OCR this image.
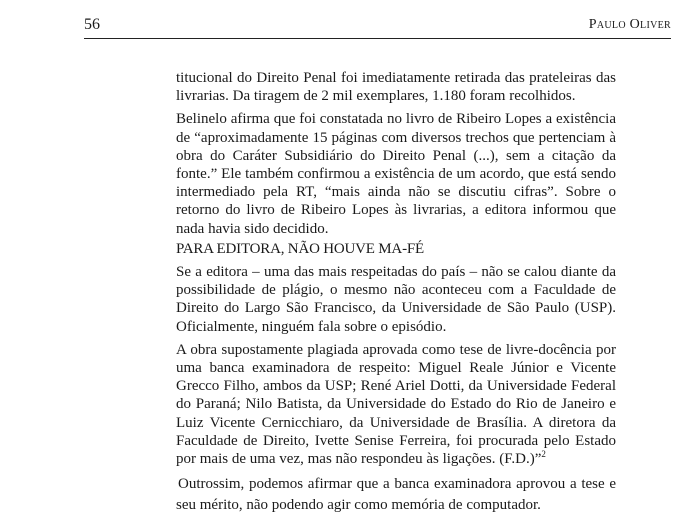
56	Paulo Oliver

titucional do Direito Penal foi imediatamente retirada das prateleiras das livrarias. Da tiragem de 2 mil exemplares, 1.180 foram recolhidos.

Belinelo afirma que foi constatada no livro de Ribeiro Lopes a existência de “aproximadamente 15 páginas com diversos trechos que pertenciam à obra do Caráter Subsidiário do Direito Penal (...), sem a citação da fonte.” Ele também confirmou a existência de um acordo, que está sendo intermediado pela RT, “mais ainda não se discutiu cifras”. Sobre o retorno do livro de Ribeiro Lopes às livrarias, a editora informou que nada havia sido decidido.

PARA EDITORA, NÃO HOUVE MA-FÉ

Se a editora – uma das mais respeitadas do país – não se calou diante da possibilidade de plágio, o mesmo não aconteceu com a Faculdade de Direito do Largo São Francisco, da Universidade de São Paulo (USP). Oficialmente, ninguém fala sobre o episódio.

A obra supostamente plagiada aprovada como tese de livre-docência por uma banca examinadora de respeito: Miguel Reale Júnior e Vicente Grecco Filho, ambos da USP; René Ariel Dotti, da Universidade Federal do Paraná; Nilo Batista, da Universidade do Estado do Rio de Janeiro e Luiz Vicente Cernicchiaro, da Universidade de Brasília. A diretora da Faculdade de Direito, Ivette Senise Ferreira, foi procurada pelo Estado por mais de uma vez, mas não respondeu às ligações. (F.D.)”$^2$

Outrossim, podemos afirmar que a banca examinadora aprovou a tese e seu mérito, não podendo agir como memória de computador.
